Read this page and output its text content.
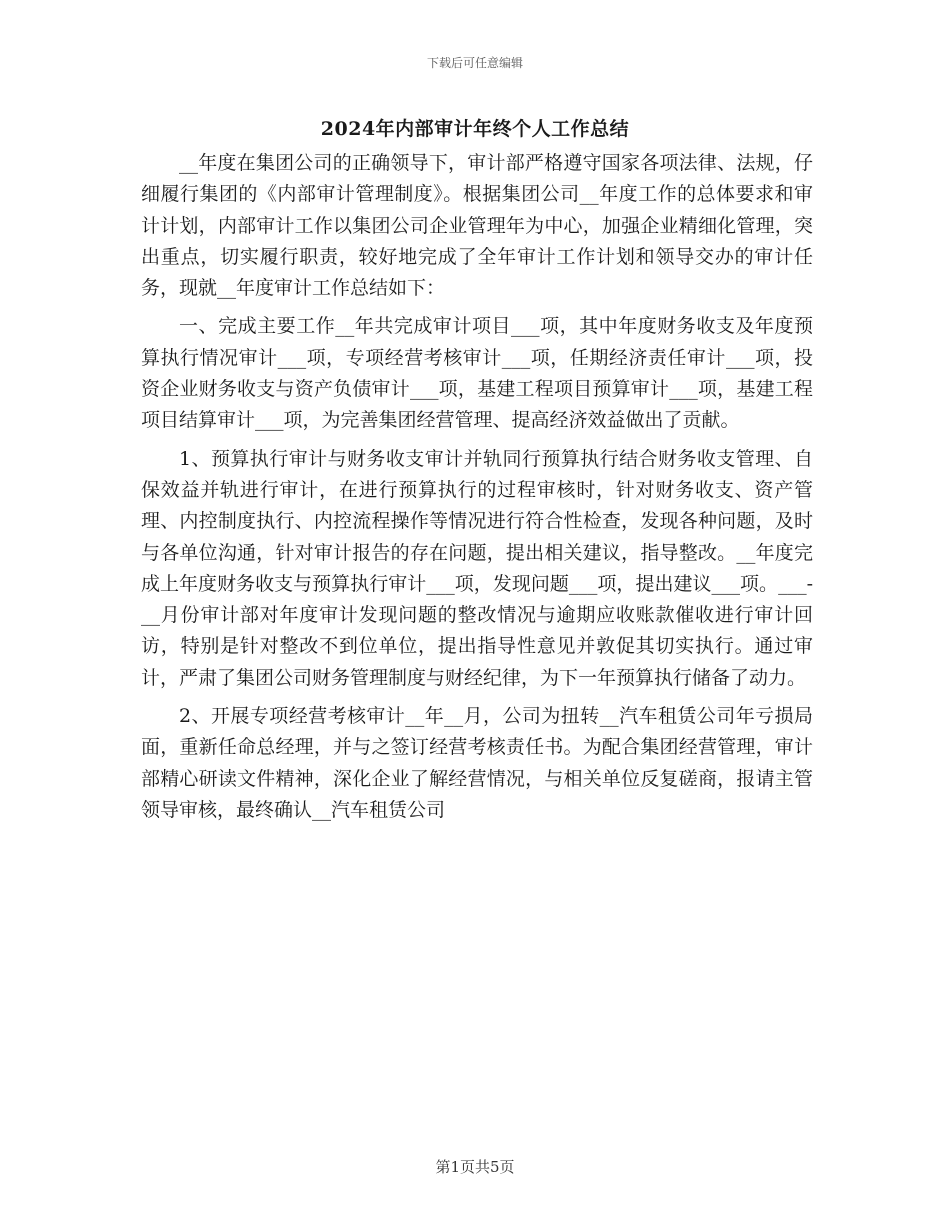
下载后可任意编辑
2024年内部审计年终个人工作总结

__年度在集团公司的正确领导下，审计部严格遵守国家各项法律、法规，仔细履行集团的《内部审计管理制度》。根据集团公司__年度工作的总体要求和审计计划，内部审计工作以集团公司企业管理年为中心，加强企业精细化管理，突出重点，切实履行职责，较好地完成了全年审计工作计划和领导交办的审计任务，现就__年度审计工作总结如下：

一、完成主要工作__年共完成审计项目___项，其中年度财务收支及年度预算执行情况审计___项，专项经营考核审计___项，任期经济责任审计___项，投资企业财务收支与资产负债审计___项，基建工程项目预算审计___项，基建工程项目结算审计___项，为完善集团经营管理、提高经济效益做出了贡献。

1、预算执行审计与财务收支审计并轨同行预算执行结合财务收支管理、自保效益并轨进行审计，在进行预算执行的过程审核时，针对财务收支、资产管理、内控制度执行、内控流程操作等情况进行符合性检查，发现各种问题，及时与各单位沟通，针对审计报告的存在问题，提出相关建议，指导整改。__年度完成上年度财务收支与预算执行审计___项，发现问题___项，提出建议___项。___-__月份审计部对年度审计发现问题的整改情况与逾期应收账款催收进行审计回访，特别是针对整改不到位单位，提出指导性意见并敦促其切实执行。通过审计，严肃了集团公司财务管理制度与财经纪律，为下一年预算执行储备了动力。

2、开展专项经营考核审计__年__月，公司为扭转__汽车租赁公司年亏损局面，重新任命总经理，并与之签订经营考核责任书。为配合集团经营管理，审计部精心研读文件精神，深化企业了解经营情况，与相关单位反复磋商，报请主管领导审核，最终确认__汽车租赁公司

第1页共5页
